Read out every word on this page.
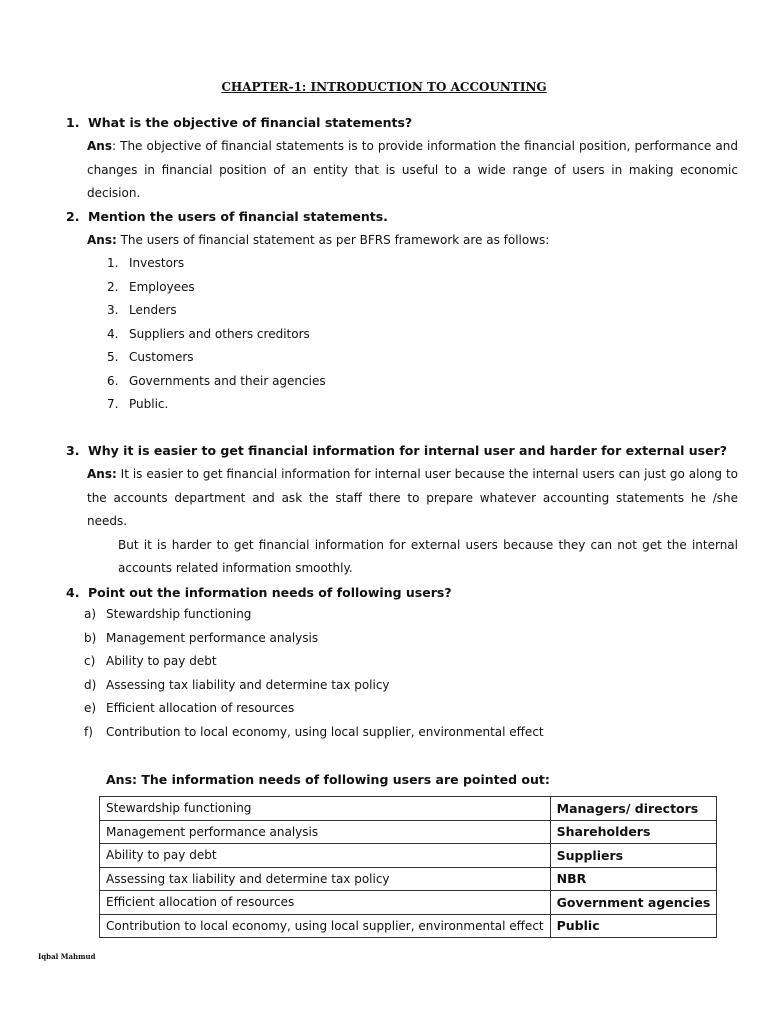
CHAPTER-1: INTRODUCTION TO ACCOUNTING
1. What is the objective of financial statements?
Ans: The objective of financial statements is to provide information the financial position, performance and changes in financial position of an entity that is useful to a wide range of users in making economic decision.
2. Mention the users of financial statements.
Ans: The users of financial statement as per BFRS framework are as follows:
1. Investors
2. Employees
3. Lenders
4. Suppliers and others creditors
5. Customers
6. Governments and their agencies
7. Public.
3. Why it is easier to get financial information for internal user and harder for external user?
Ans: It is easier to get financial information for internal user because the internal users can just go along to the accounts department and ask the staff there to prepare whatever accounting statements he /she needs.
But it is harder to get financial information for external users because they can not get the internal accounts related information smoothly.
4. Point out the information needs of following users?
a) Stewardship functioning
b) Management performance analysis
c) Ability to pay debt
d) Assessing tax liability and determine tax policy
e) Efficient allocation of resources
f) Contribution to local economy, using local supplier, environmental effect
Ans: The information needs of following users are pointed out:
Stewardship functioning	Managers/ directors
Management performance analysis	Shareholders
Ability to pay debt	Suppliers
Assessing tax liability and determine tax policy	NBR
Efficient allocation of resources	Government agencies
Contribution to local economy, using local supplier, environmental effect	Public
Iqbal Mahmud
